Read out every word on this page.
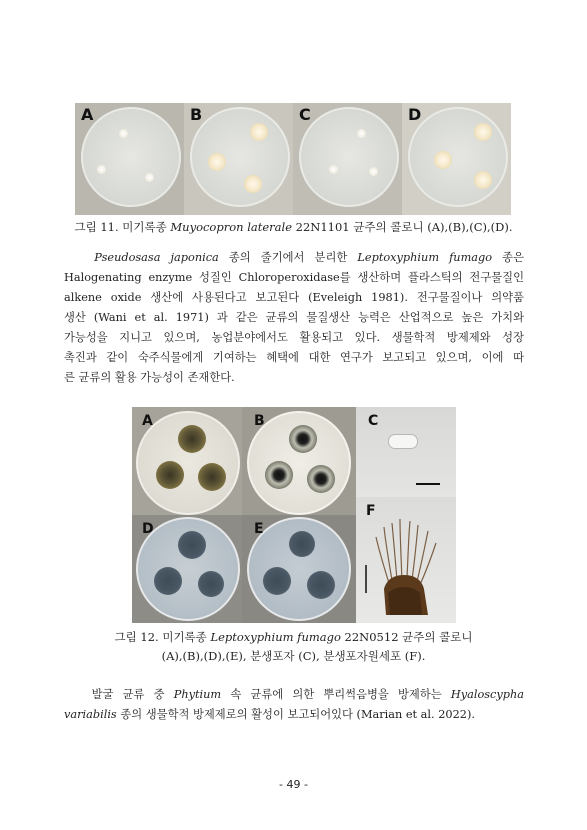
A	B	C	D
그림 11. 미기록종 Muyocopron laterale 22N1101 균주의 콜로니 (A),(B),(C),(D).
Pseudosasa japonica 종의 줄기에서 분리한 Leptoxyphium fumago 종은
Halogenating enzyme 성질인 Chloroperoxidase를 생산하며 플라스틱의 전구물질인
alkene oxide 생산에 사용된다고 보고된다 (Eveleigh 1981). 전구물질이나 의약품
생산 (Wani et al. 1971) 과 같은 균류의 물질생산 능력은 산업적으로 높은 가치와
가능성을 지니고 있으며, 농업분야에서도 활용되고 있다. 생물학적 방제제와 성장
촉진과 같이 숙주식물에게 기여하는 혜택에 대한 연구가 보고되고 있으며, 이에 따
른 균류의 활용 가능성이 존재한다.
A	B	C
D	E
F
그림 12. 미기록종 Leptoxyphium fumago 22N0512 균주의 콜로니
(A),(B),(D),(E), 분생포자 (C), 분생포자원세포 (F).
발굴 균류 중 Phytium 속 균류에 의한 뿌리썩음병을 방제하는 Hyaloscypha
variabilis 종의 생물학적 방제제로의 활성이 보고되어있다 (Marian et al. 2022).
- 49 -
